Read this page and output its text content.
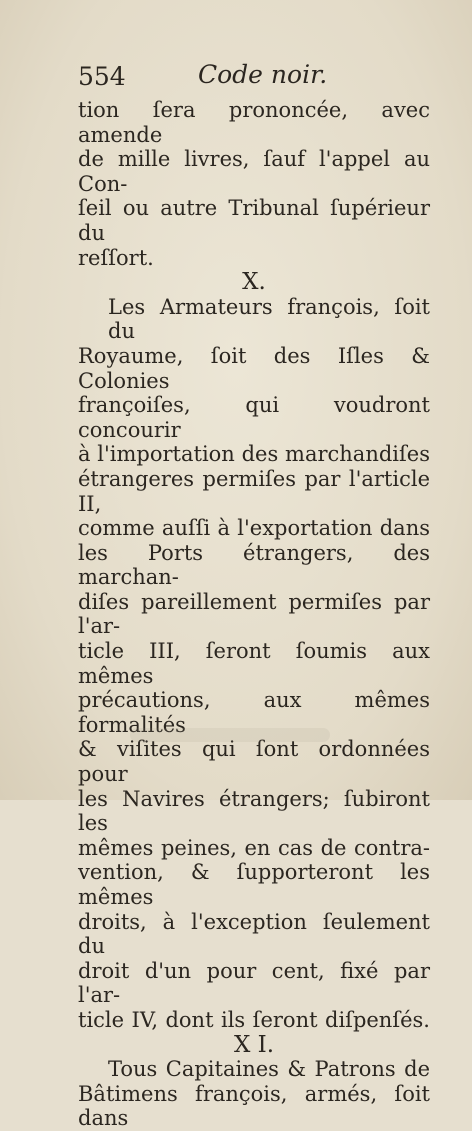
554	Code noir.
tion ſera prononcée, avec amende
de mille livres, ſauf l'appel au Con-
ſeil ou autre Tribunal ſupérieur du
reſſort.
X.
Les Armateurs françois, ſoit du
Royaume, ſoit des Iſles & Colonies
françoiſes, qui voudront concourir
à l'importation des marchandiſes
étrangeres permiſes par l'article II,
comme auſſi à l'exportation dans
les Ports étrangers, des marchan-
diſes pareillement permiſes par l'ar-
ticle III, ſeront ſoumis aux mêmes
précautions, aux mêmes formalités
& viſites qui ſont ordonnées pour
les Navires étrangers; ſubiront les
mêmes peines, en cas de contra-
vention, & ſupporteront les mêmes
droits, à l'exception ſeulement du
droit d'un pour cent, fixé par l'ar-
ticle IV, dont ils ſeront diſpenſés.
X I.
Tous Capitaines & Patrons de
Bâtimens françois, armés, ſoit dans
